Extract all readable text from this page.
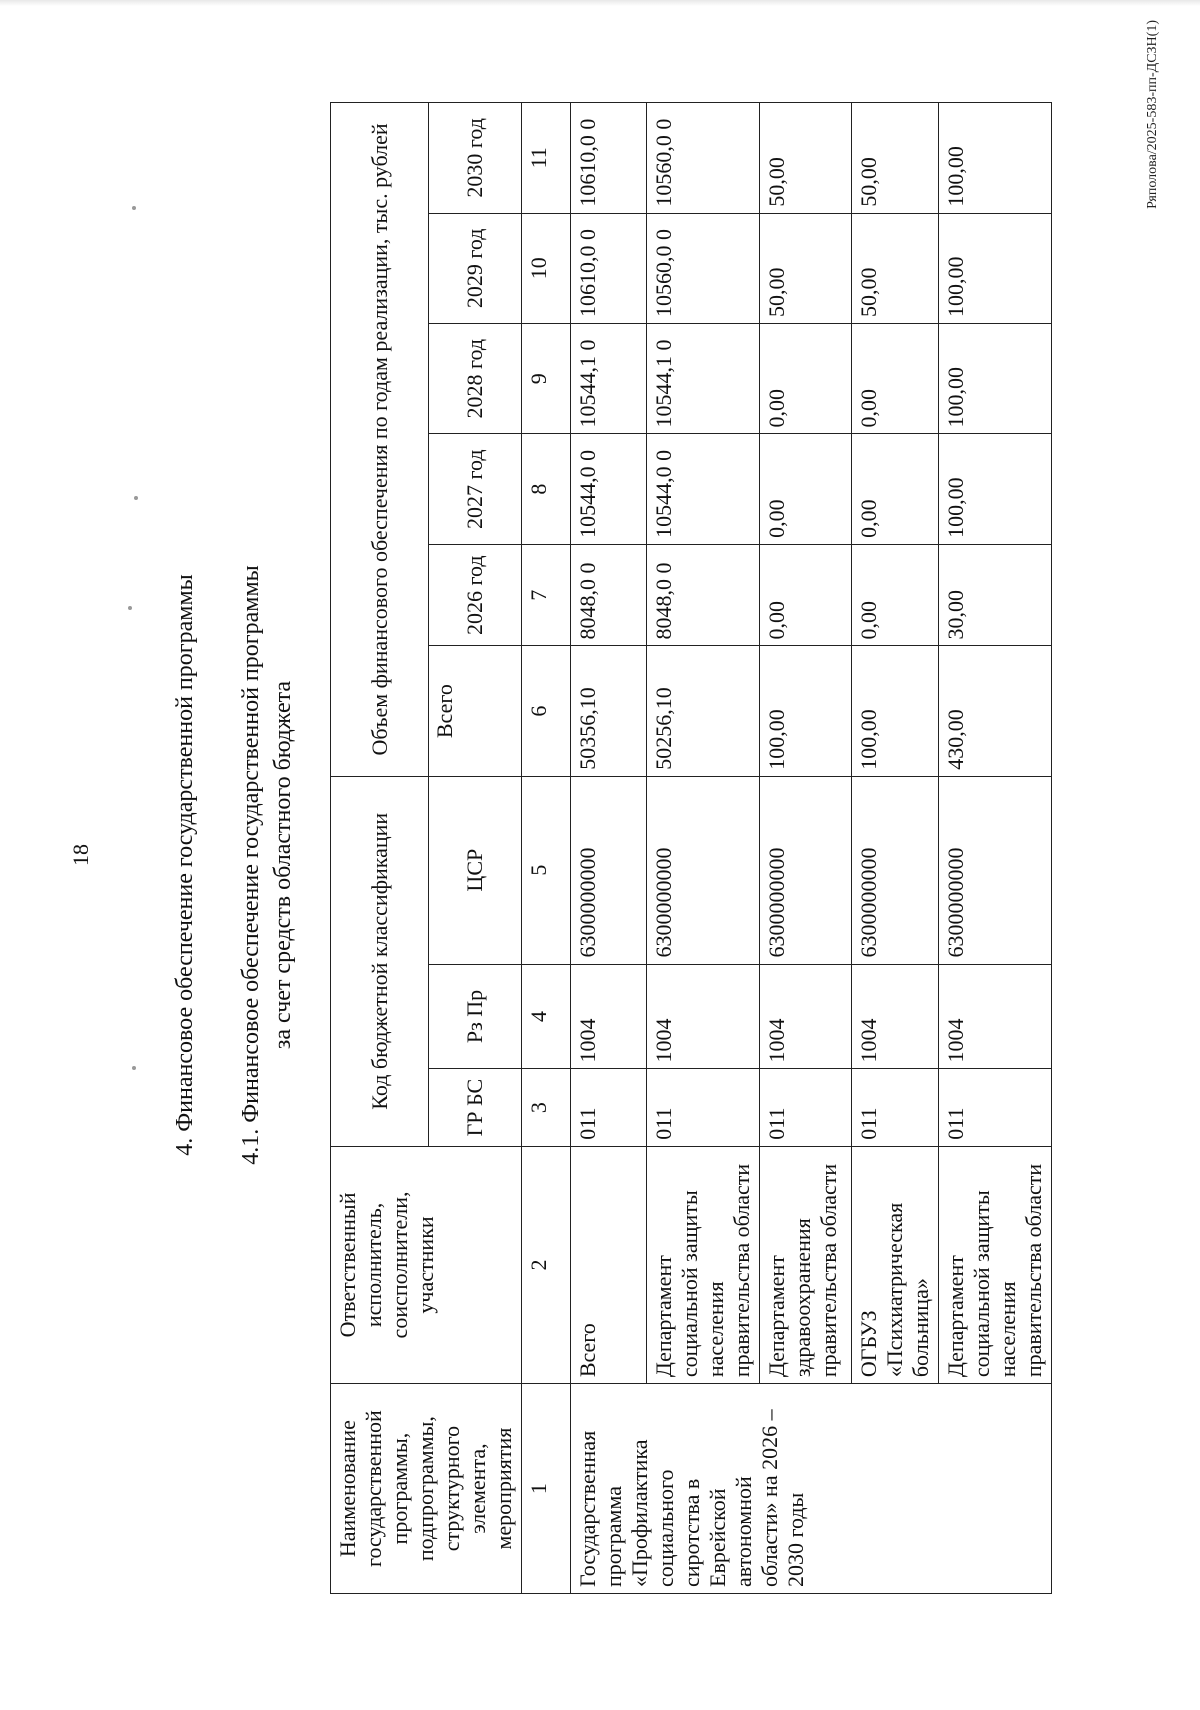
18	4. Финансовое обеспечение государственной программы 4.1. Финансовое обеспечение государственной программы за счет средств областного бюджета
Наименование государственной программы, подпрограммы, структурного элемента, мероприятия	Ответственный исполнитель, соисполнители, участники	Код бюджетной классификации			Объем финансового обеспечения по годам реализации, тыс. рублей					
		ГР БС	Рз Пр	ЦСР	Всего	2026 год	2027 год	2028 год	2029 год	2030 год
1	2	3	4	5	6	7	8	9	10	11
Государственная программа «Профилактика социального сиротства в Еврейской автономной области» на 2026 – 2030 годы	Всего	011	1004	6300000000	50356,10	8048,0 0	10544,0 0	10544,1 0	10610,0 0	10610,0 0
	Департамент социальной защиты населения правительства области	011	1004	6300000000	50256,10	8048,0 0	10544,0 0	10544,1 0	10560,0 0	10560,0 0
	Департамент здравоохранения правительства области	011	1004	6300000000	100,00	0,00	0,00	0,00	50,00	50,00
	ОГБУЗ «Психиатрическая больница»	011	1004	6300000000	100,00	0,00	0,00	0,00	50,00	50,00
	Департамент социальной защиты населения правительства области	011	1004	6300000000	430,00	30,00	100,00	100,00	100,00	100,00	Ряполова/2025-583-пп-ДСЗН(1)
